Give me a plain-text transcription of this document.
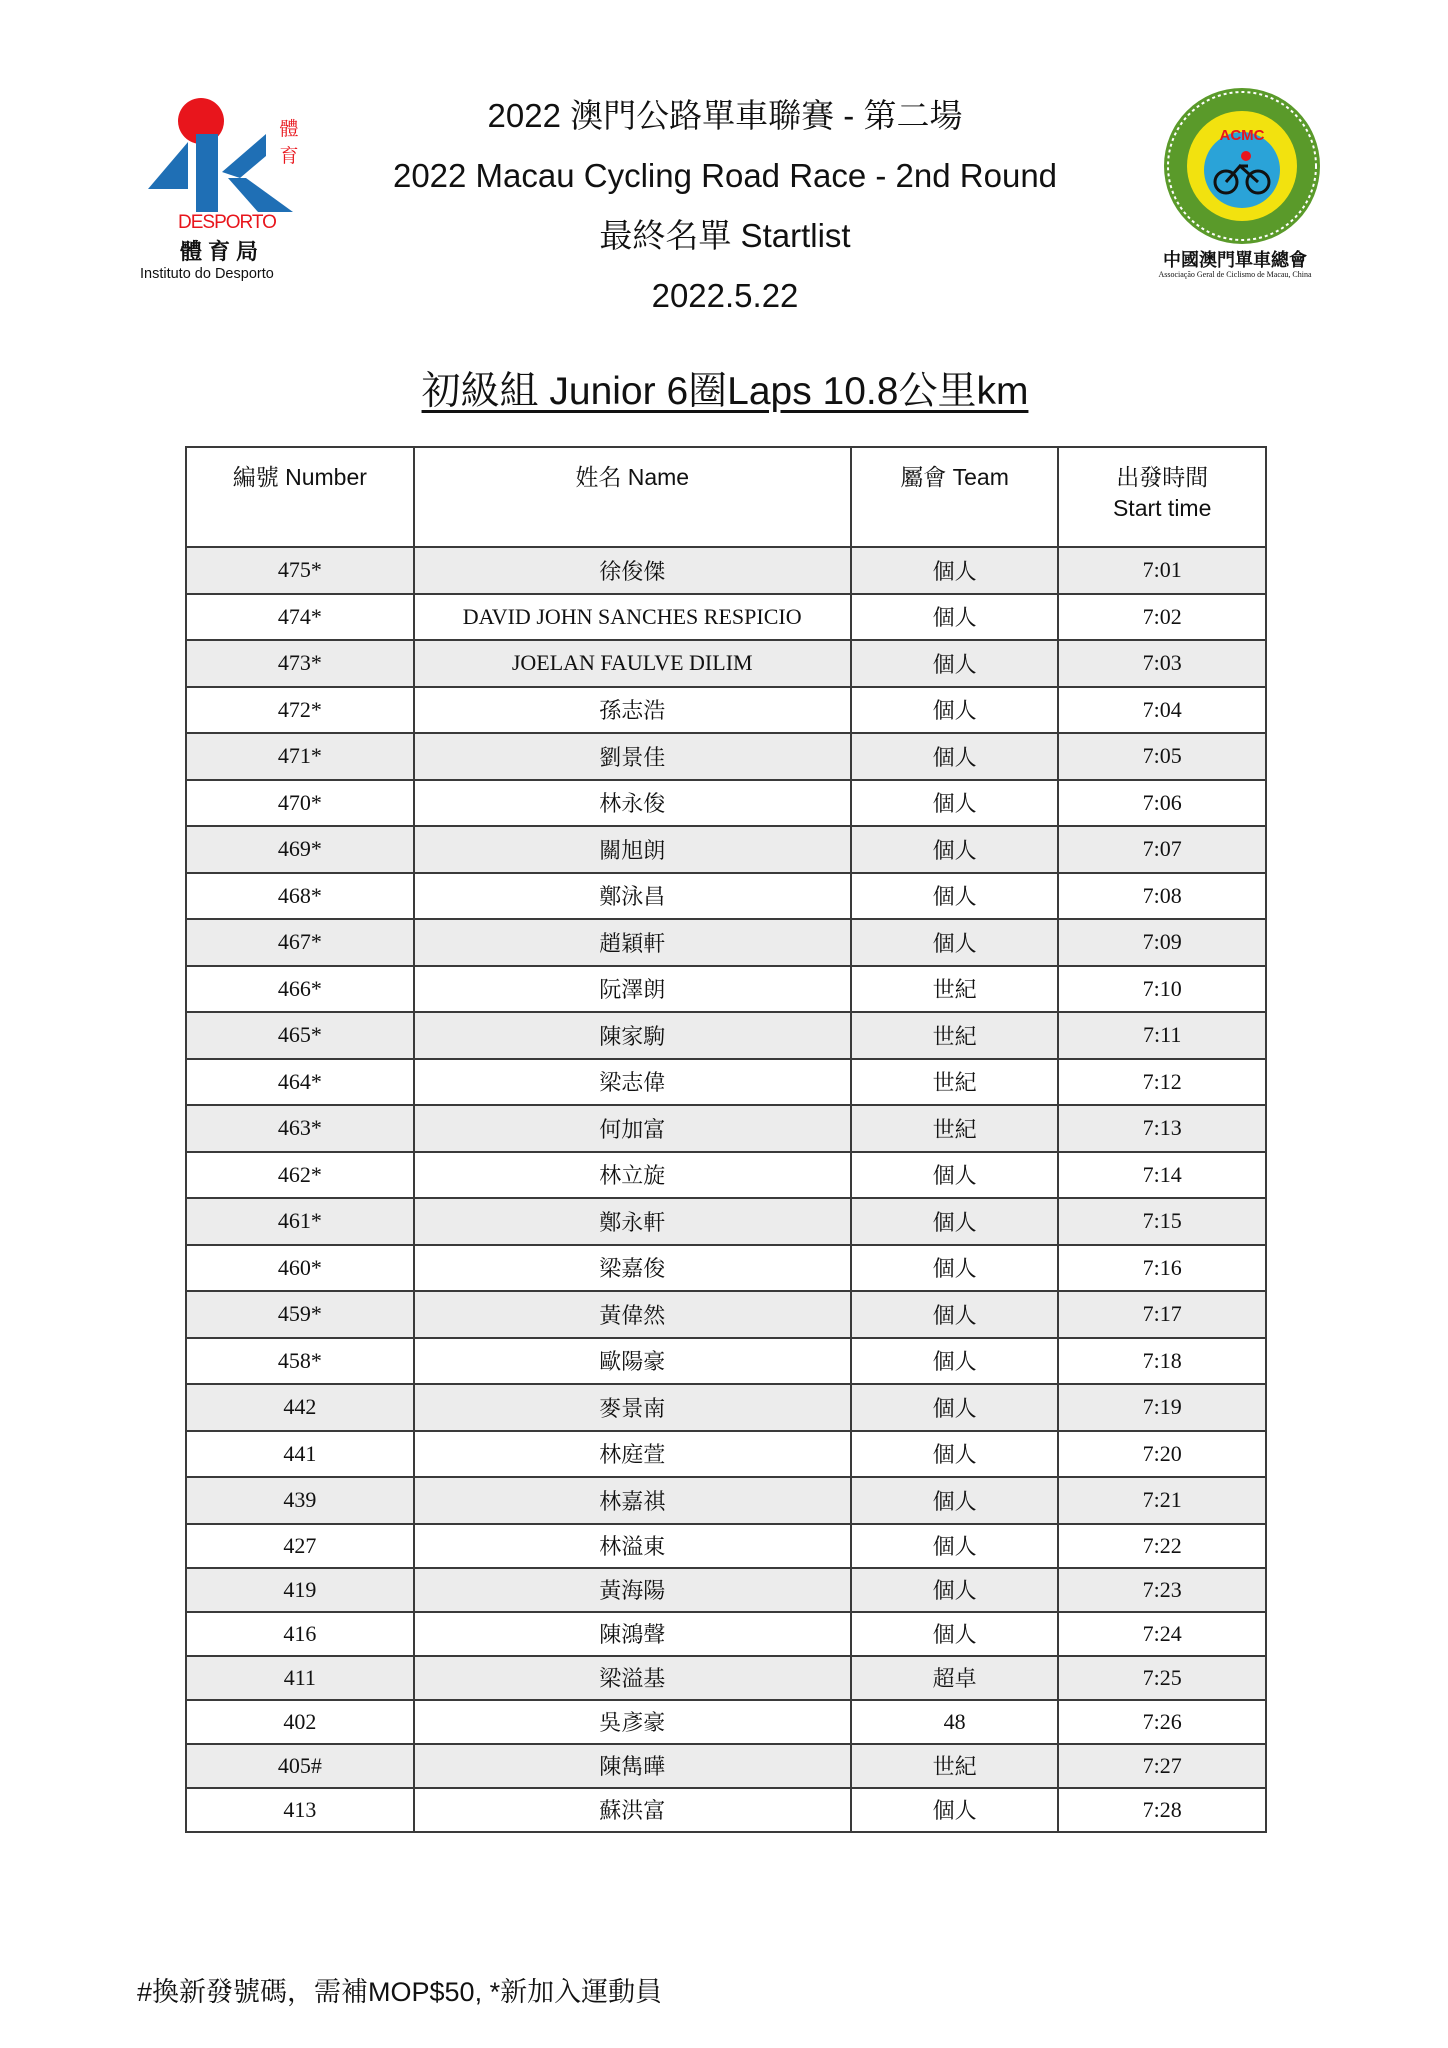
體
育
DESPORTO
體育局
Instituto do Desporto
2022 澳門公路單車聯賽 - 第二場
2022 Macau Cycling Road Race - 2nd Round
最終名單 Startlist
2022.5.22
ACMC
中國澳門單車總會
Associação Geral de Ciclismo de Macau, China
初級組 Junior 6圈Laps 10.8公里km
編號 Number	姓名 Name	屬會 Team	出發時間
Start time

475*	徐俊傑	個人	7:01
474*	DAVID JOHN SANCHES RESPICIO	個人	7:02
473*	JOELAN FAULVE DILIM	個人	7:03
472*	孫志浩	個人	7:04
471*	劉景佳	個人	7:05
470*	林永俊	個人	7:06
469*	關旭朗	個人	7:07
468*	鄭泳昌	個人	7:08
467*	趙穎軒	個人	7:09
466*	阮澤朗	世紀	7:10
465*	陳家駒	世紀	7:11
464*	梁志偉	世紀	7:12
463*	何加富	世紀	7:13
462*	林立旋	個人	7:14
461*	鄭永軒	個人	7:15
460*	梁嘉俊	個人	7:16
459*	黃偉然	個人	7:17
458*	歐陽豪	個人	7:18
442	麥景南	個人	7:19
441	林庭萱	個人	7:20
439	林嘉祺	個人	7:21
427	林溢東	個人	7:22
419	黃海陽	個人	7:23
416	陳鴻聲	個人	7:24
411	梁溢基	超卓	7:25
402	吳彥豪	48	7:26
405#	陳雋曄	世紀	7:27
413	蘇洪富	個人	7:28
#換新發號碼，需補MOP$50, *新加入運動員
